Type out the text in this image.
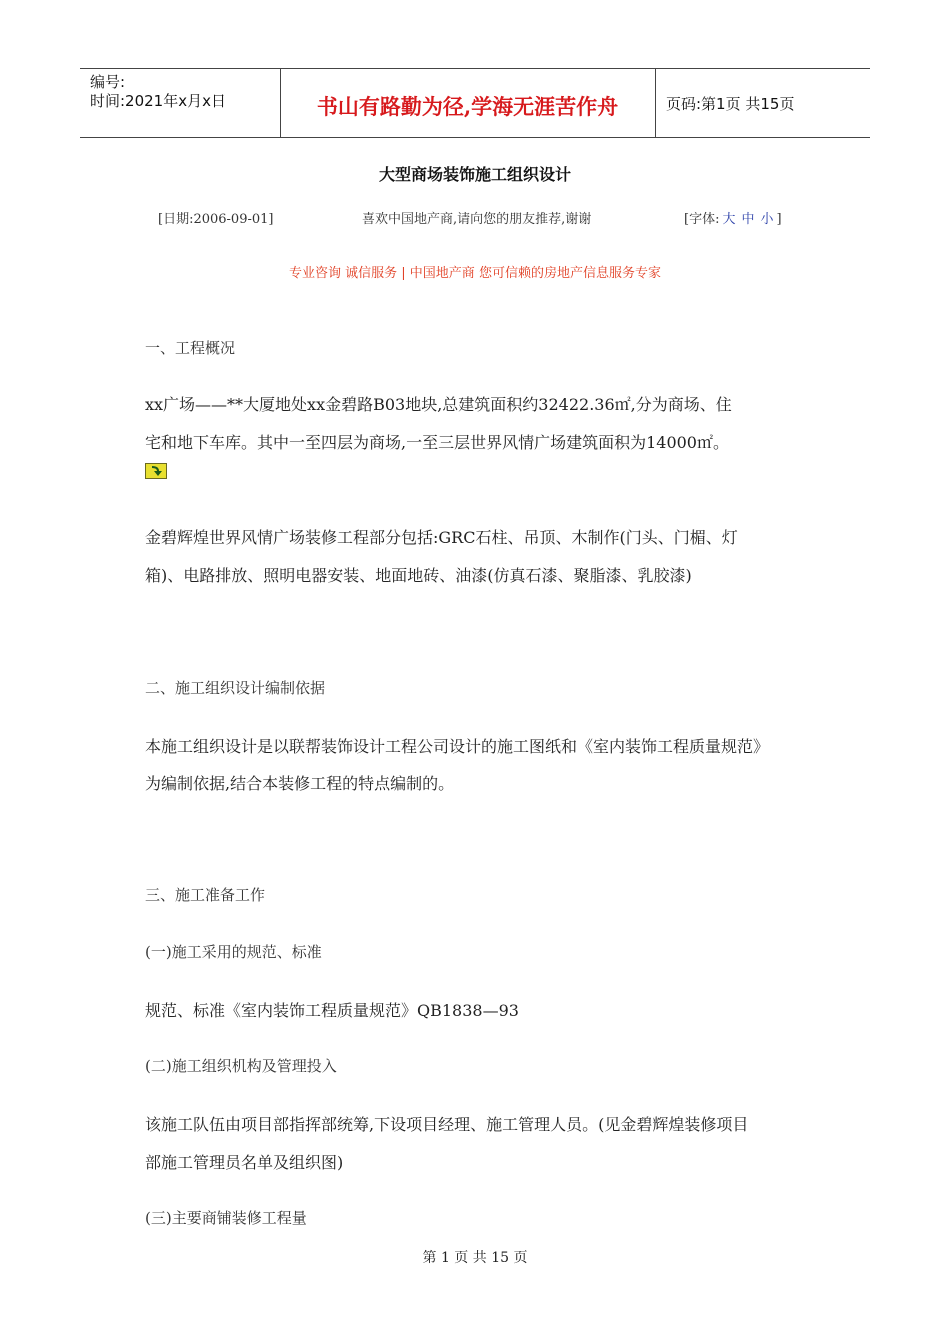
编号:
时间:2021年x月x日	书山有路勤为径,学海无涯苦作舟	页码:第1页 共15页
大型商场装饰施工组织设计
[日期:2006-09-01]	喜欢中国地产商,请向您的朋友推荐,谢谢	[字体: 大 中 小 ]
专业咨询 诚信服务 | 中国地产商 您可信赖的房地产信息服务专家
一、工程概况
xx广场——**大厦地处xx金碧路B03地块,总建筑面积约32422.36㎡,分为商场、住
宅和地下车库。其中一至四层为商场,一至三层世界风情广场建筑面积为14000㎡。
金碧辉煌世界风情广场装修工程部分包括:GRC石柱、吊顶、木制作(门头、门楣、灯
箱)、电路排放、照明电器安装、地面地砖、油漆(仿真石漆、聚脂漆、乳胶漆)
二、施工组织设计编制依据
本施工组织设计是以联帮装饰设计工程公司设计的施工图纸和《室内装饰工程质量规范》
为编制依据,结合本装修工程的特点编制的。
三、施工准备工作
(一)施工采用的规范、标准
规范、标准《室内装饰工程质量规范》QB1838—93
(二)施工组织机构及管理投入
该施工队伍由项目部指挥部统筹,下设项目经理、施工管理人员。(见金碧辉煌装修项目
部施工管理员名单及组织图)
(三)主要商铺装修工程量
第 1 页 共 15 页
